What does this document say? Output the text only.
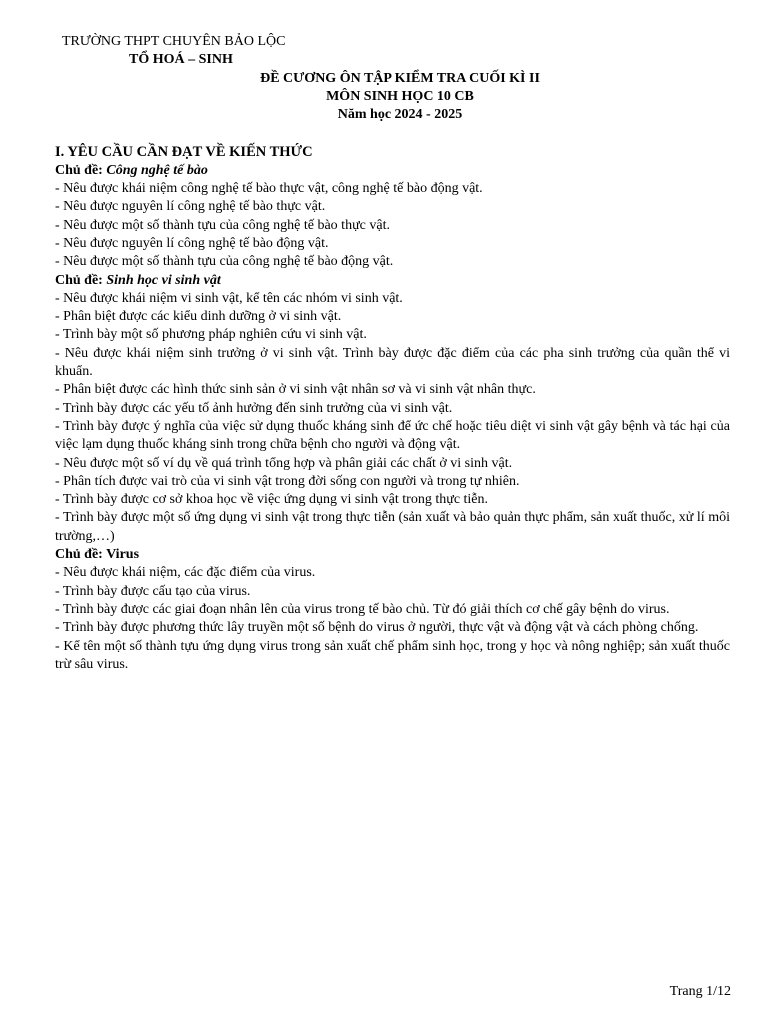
TRƯỜNG THPT CHUYÊN BẢO LỘC
TỔ HOÁ – SINH
ĐỀ CƯƠNG ÔN TẬP KIỂM TRA CUỐI KÌ II
MÔN SINH HỌC 10 CB
Năm học 2024 - 2025
I. YÊU CẦU CẦN ĐẠT VỀ KIẾN THỨC
Chủ đề: Công nghệ tế bào
- Nêu được khái niệm công nghệ tế bào thực vật, công nghệ tế bào động vật.
- Nêu được nguyên lí công nghệ tế bào thực vật.
- Nêu được một số thành tựu của công nghệ tế bào thực vật.
- Nêu được nguyên lí công nghệ tế bào động vật.
- Nêu được một số thành tựu của công nghệ tế bào động vật.
Chủ đề: Sinh học vi sinh vật
- Nêu được khái niệm vi sinh vật, kể tên các nhóm vi sinh vật.
- Phân biệt được các kiểu dinh dưỡng ở vi sinh vật.
- Trình bày một số phương pháp nghiên cứu vi sinh vật.
- Nêu được khái niệm sinh trưởng ở vi sinh vật. Trình bày được đặc điểm của các pha sinh trưởng của quần thể vi khuẩn.
- Phân biệt được các hình thức sinh sản ở vi sinh vật nhân sơ và vi sinh vật nhân thực.
- Trình bày được các yếu tố ảnh hưởng đến sinh trưởng của vi sinh vật.
- Trình bày được ý nghĩa của việc sử dụng thuốc kháng sinh để ức chế hoặc tiêu diệt vi sinh vật gây bệnh và tác hại của việc lạm dụng thuốc kháng sinh trong chữa bệnh cho người và động vật.
- Nêu được một số ví dụ về quá trình tổng hợp và phân giải các chất ở vi sinh vật.
- Phân tích được vai trò của vi sinh vật trong đời sống con người và trong tự nhiên.
- Trình bày được cơ sở khoa học về việc ứng dụng vi sinh vật trong thực tiễn.
- Trình bày được một số ứng dụng vi sinh vật trong thực tiễn (sản xuất và bảo quản thực phẩm, sản xuất thuốc, xử lí môi trường,…)
Chủ đề: Virus
- Nêu được khái niệm, các đặc điểm của virus.
- Trình bày được cấu tạo của virus.
- Trình bày được các giai đoạn nhân lên của virus trong tế bào chủ. Từ đó giải thích cơ chế gây bệnh do virus.
- Trình bày được phương thức lây truyền một số bệnh do virus ở người, thực vật và động vật và cách phòng chống.
- Kể tên một số thành tựu ứng dụng virus trong sản xuất chế phẩm sinh học, trong y học và nông nghiệp; sản xuất thuốc trừ sâu virus.
Trang 1/12
